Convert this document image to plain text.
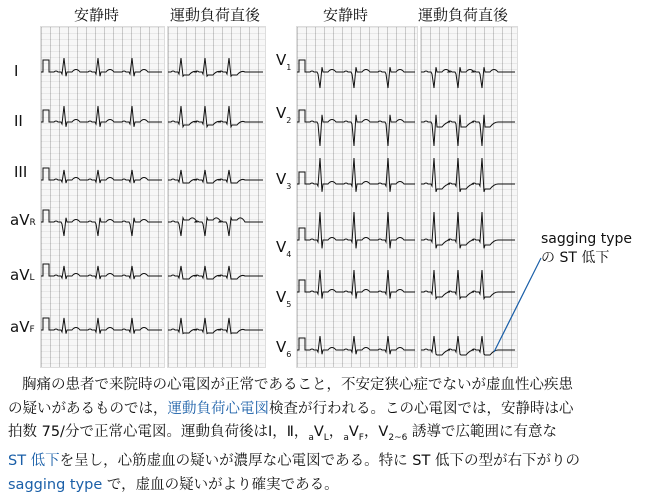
安静時	運動負荷直後	安静時	運動負荷直後
I
II
III
aVR
aVL
aVF
$V_1$
$V_2$
$V_3$
$V_4$
$V_5$
$V_6$
sagging type
の ST 低下
胸痛の患者で来院時の心電図が正常であること，不安定狭心症でないが虚血性心疾患
の疑いがあるものでは，運動負荷心電図検査が行われる。この心電図では，安静時は心
拍数 75/分で正常心電図。運動負荷後はⅠ，Ⅱ，$_aV_L$，$_aV_F$，$V_{2\sim 6}$ 誘導で広範囲に有意な
ST 低下を呈し，心筋虚血の疑いが濃厚な心電図である。特に ST 低下の型が右下がりの
sagging type で，虚血の疑いがより確実である。
